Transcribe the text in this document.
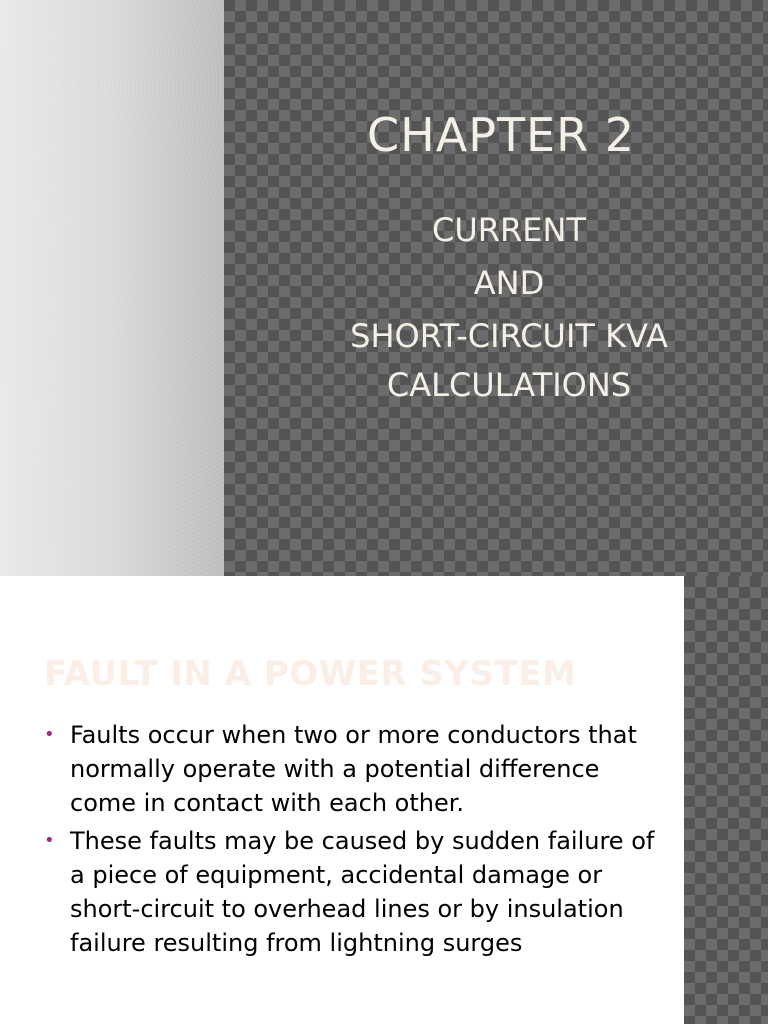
CHAPTER 2
CURRENT
AND
SHORT-CIRCUIT KVA
CALCULATIONS
FAULT IN A POWER SYSTEM
• Faults occur when two or more conductors that normally operate with a potential difference come in contact with each other.
• These faults may be caused by sudden failure of a piece of equipment, accidental damage or short-circuit to overhead lines or by insulation failure resulting from lightning surges
